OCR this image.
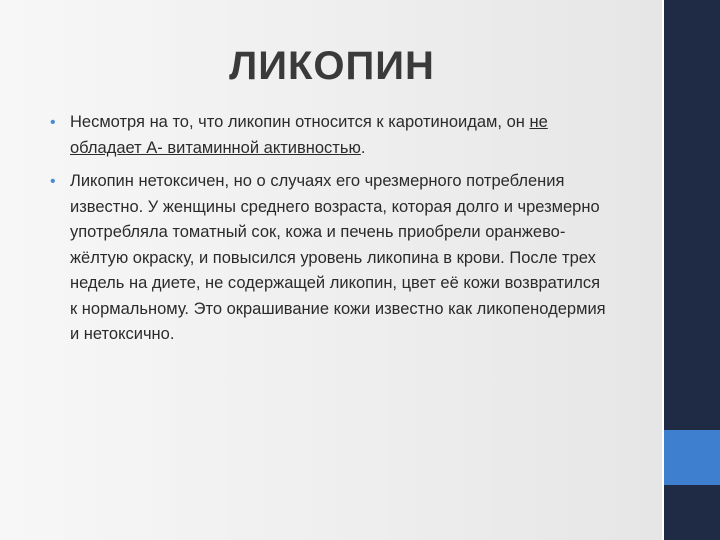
ЛИКОПИН
• Несмотря на то, что ликопин относится к каротиноидам, он не обладает А- витаминной активностью.
• Ликопин нетоксичен, но о случаях его чрезмерного потребления известно. У женщины среднего возраста, которая долго и чрезмерно употребляла томатный сок, кожа и печень приобрели оранжево-жёлтую окраску, и повысился уровень ликопина в крови. После трех недель на диете, не содержащей ликопин, цвет её кожи возвратился к нормальному. Это окрашивание кожи известно как ликопенодермия и нетоксично.
